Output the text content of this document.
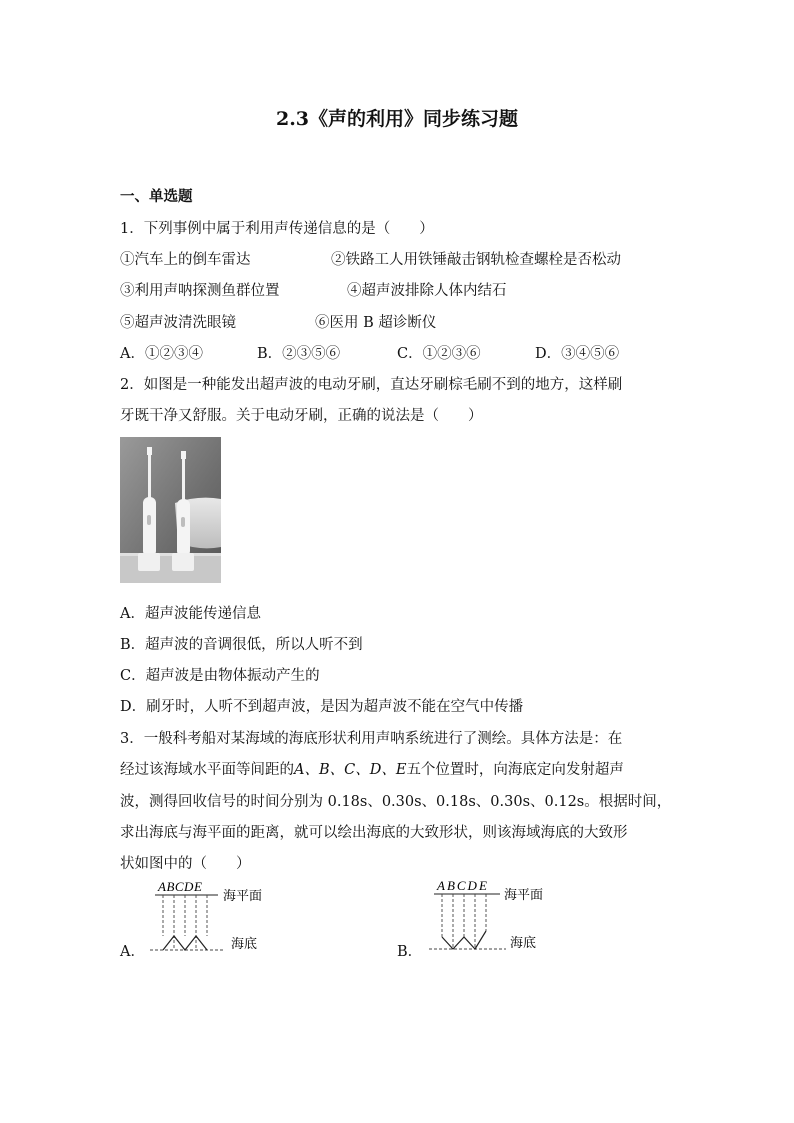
2.3《声的利用》同步练习题
一、单选题
1．下列事例中属于利用声传递信息的是（　　）
①汽车上的倒车雷达	②铁路工人用铁锤敲击钢轨检查螺栓是否松动
③利用声呐探测鱼群位置	④超声波排除人体内结石
⑤超声波清洗眼镜	⑥医用 B 超诊断仪
A．①②③④	B．②③⑤⑥	C．①②③⑥	D．③④⑤⑥
2．如图是一种能发出超声波的电动牙刷，直达牙刷棕毛刷不到的地方，这样刷
牙既干净又舒服。关于电动牙刷，正确的说法是（　　）
A．超声波能传递信息
B．超声波的音调很低，所以人听不到
C．超声波是由物体振动产生的
D．刷牙时，人听不到超声波，是因为超声波不能在空气中传播
3．一般科考船对某海域的海底形状利用声呐系统进行了测绘。具体方法是：在
经过该海域水平面等间距的A、B、C、D、E五个位置时，向海底定向发射超声
波，测得回收信号的时间分别为 0.18s、0.30s、0.18s、0.30s、0.12s。根据时间，
求出海底与海平面的距离，就可以绘出海底的大致形状，则该海域海底的大致形
状如图中的（　　）
A．
ABCDE
海平面
海底
B．
ABCDE
海平面
海底
